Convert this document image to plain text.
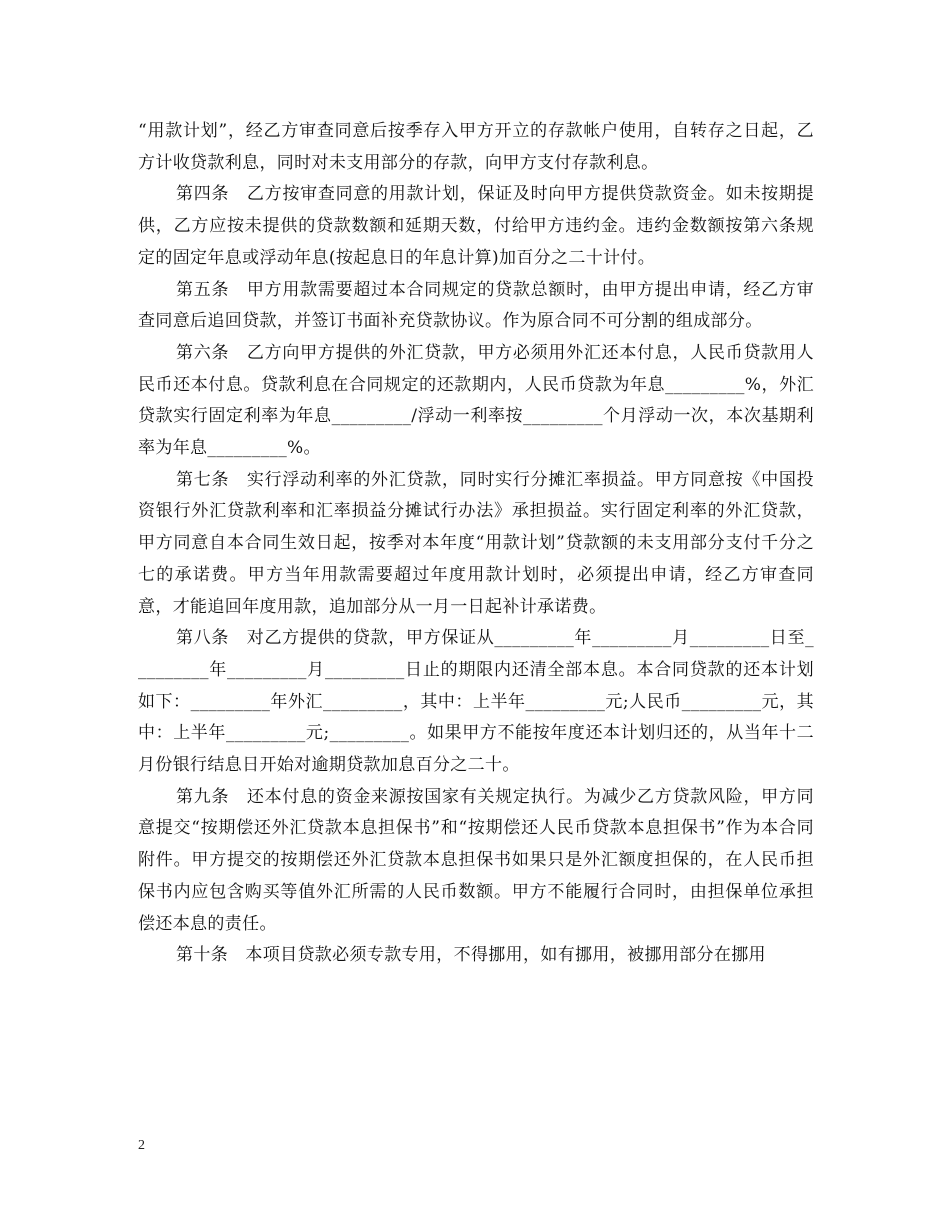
“用款计划”，经乙方审查同意后按季存入甲方开立的存款帐户使用，自转存之日起，乙方计收贷款利息，同时对未支用部分的存款，向甲方支付存款利息。

第四条　乙方按审查同意的用款计划，保证及时向甲方提供贷款资金。如未按期提供，乙方应按未提供的贷款数额和延期天数，付给甲方违约金。违约金数额按第六条规定的固定年息或浮动年息(按起息日的年息计算)加百分之二十计付。

第五条　甲方用款需要超过本合同规定的贷款总额时，由甲方提出申请，经乙方审查同意后追回贷款，并签订书面补充贷款协议。作为原合同不可分割的组成部分。

第六条　乙方向甲方提供的外汇贷款，甲方必须用外汇还本付息，人民币贷款用人民币还本付息。贷款利息在合同规定的还款期内，人民币贷款为年息_________%，外汇贷款实行固定利率为年息_________/浮动一利率按_________个月浮动一次，本次基期利率为年息_________%。

第七条　实行浮动利率的外汇贷款，同时实行分摊汇率损益。甲方同意按《中国投资银行外汇贷款利率和汇率损益分摊试行办法》承担损益。实行固定利率的外汇贷款，甲方同意自本合同生效日起，按季对本年度“用款计划”贷款额的未支用部分支付千分之七的承诺费。甲方当年用款需要超过年度用款计划时，必须提出申请，经乙方审查同意，才能追回年度用款，追加部分从一月一日起补计承诺费。

第八条　对乙方提供的贷款，甲方保证从_________年_________月_________日至_________年_________月_________日止的期限内还清全部本息。本合同贷款的还本计划如下：_________年外汇_________，其中：上半年_________元;人民币_________元，其中：上半年_________元;_________。如果甲方不能按年度还本计划归还的，从当年十二月份银行结息日开始对逾期贷款加息百分之二十。

第九条　还本付息的资金来源按国家有关规定执行。为减少乙方贷款风险，甲方同意提交“按期偿还外汇贷款本息担保书”和“按期偿还人民币贷款本息担保书”作为本合同附件。甲方提交的按期偿还外汇贷款本息担保书如果只是外汇额度担保的，在人民币担保书内应包含购买等值外汇所需的人民币数额。甲方不能履行合同时，由担保单位承担偿还本息的责任。

第十条　本项目贷款必须专款专用，不得挪用，如有挪用，被挪用部分在挪用

2
